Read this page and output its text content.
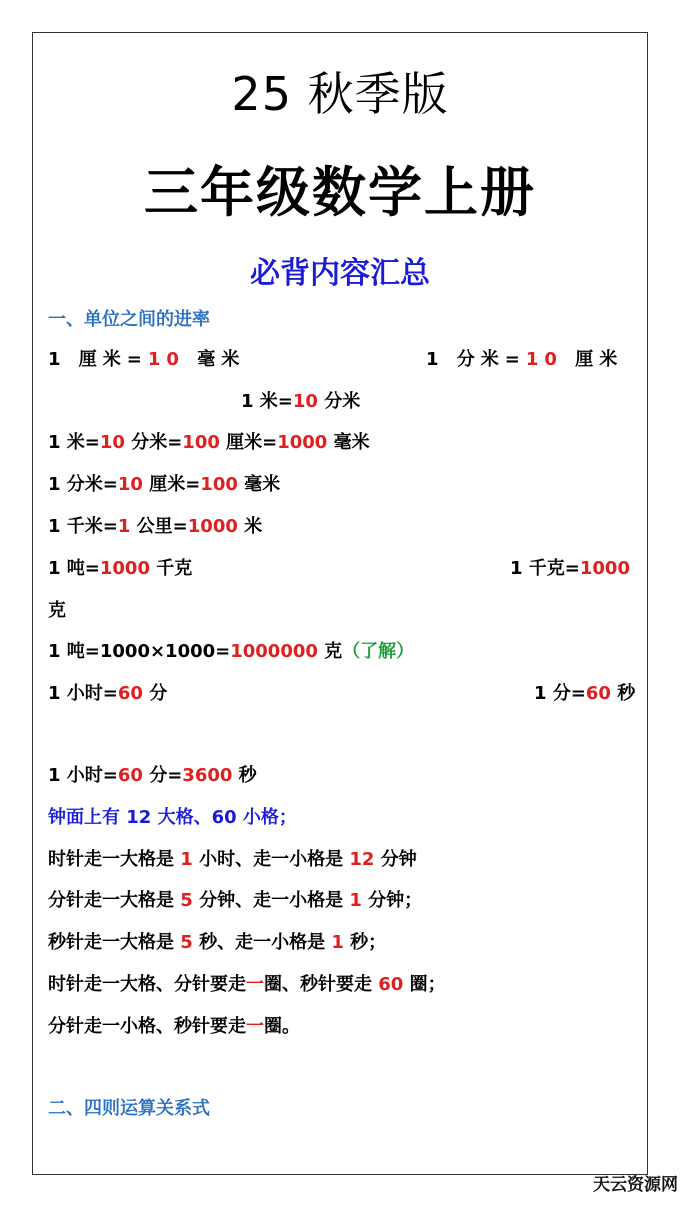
25 秋季版
三年级数学上册
必背内容汇总
一、单位之间的进率
1 厘米=10 毫米	1 分米=10 厘米
1 米=10 分米
1 米=10 分米=100 厘米=1000 毫米
1 分米=10 厘米=100 毫米
1 千米=1 公里=1000 米
1 吨=1000 千克	1 千克=1000
克
1 吨=1000×1000=1000000 克（了解）
1 小时=60 分	1 分=60 秒
1 小时=60 分=3600 秒
钟面上有 12 大格、60 小格；
时针走一大格是 1 小时、走一小格是 12 分钟
分针走一大格是 5 分钟、走一小格是 1 分钟；
秒针走一大格是 5 秒、走一小格是 1 秒；
时针走一大格、分针要走一圈、秒针要走 60 圈；
分针走一小格、秒针要走一圈。
二、四则运算关系式
天云资源网
